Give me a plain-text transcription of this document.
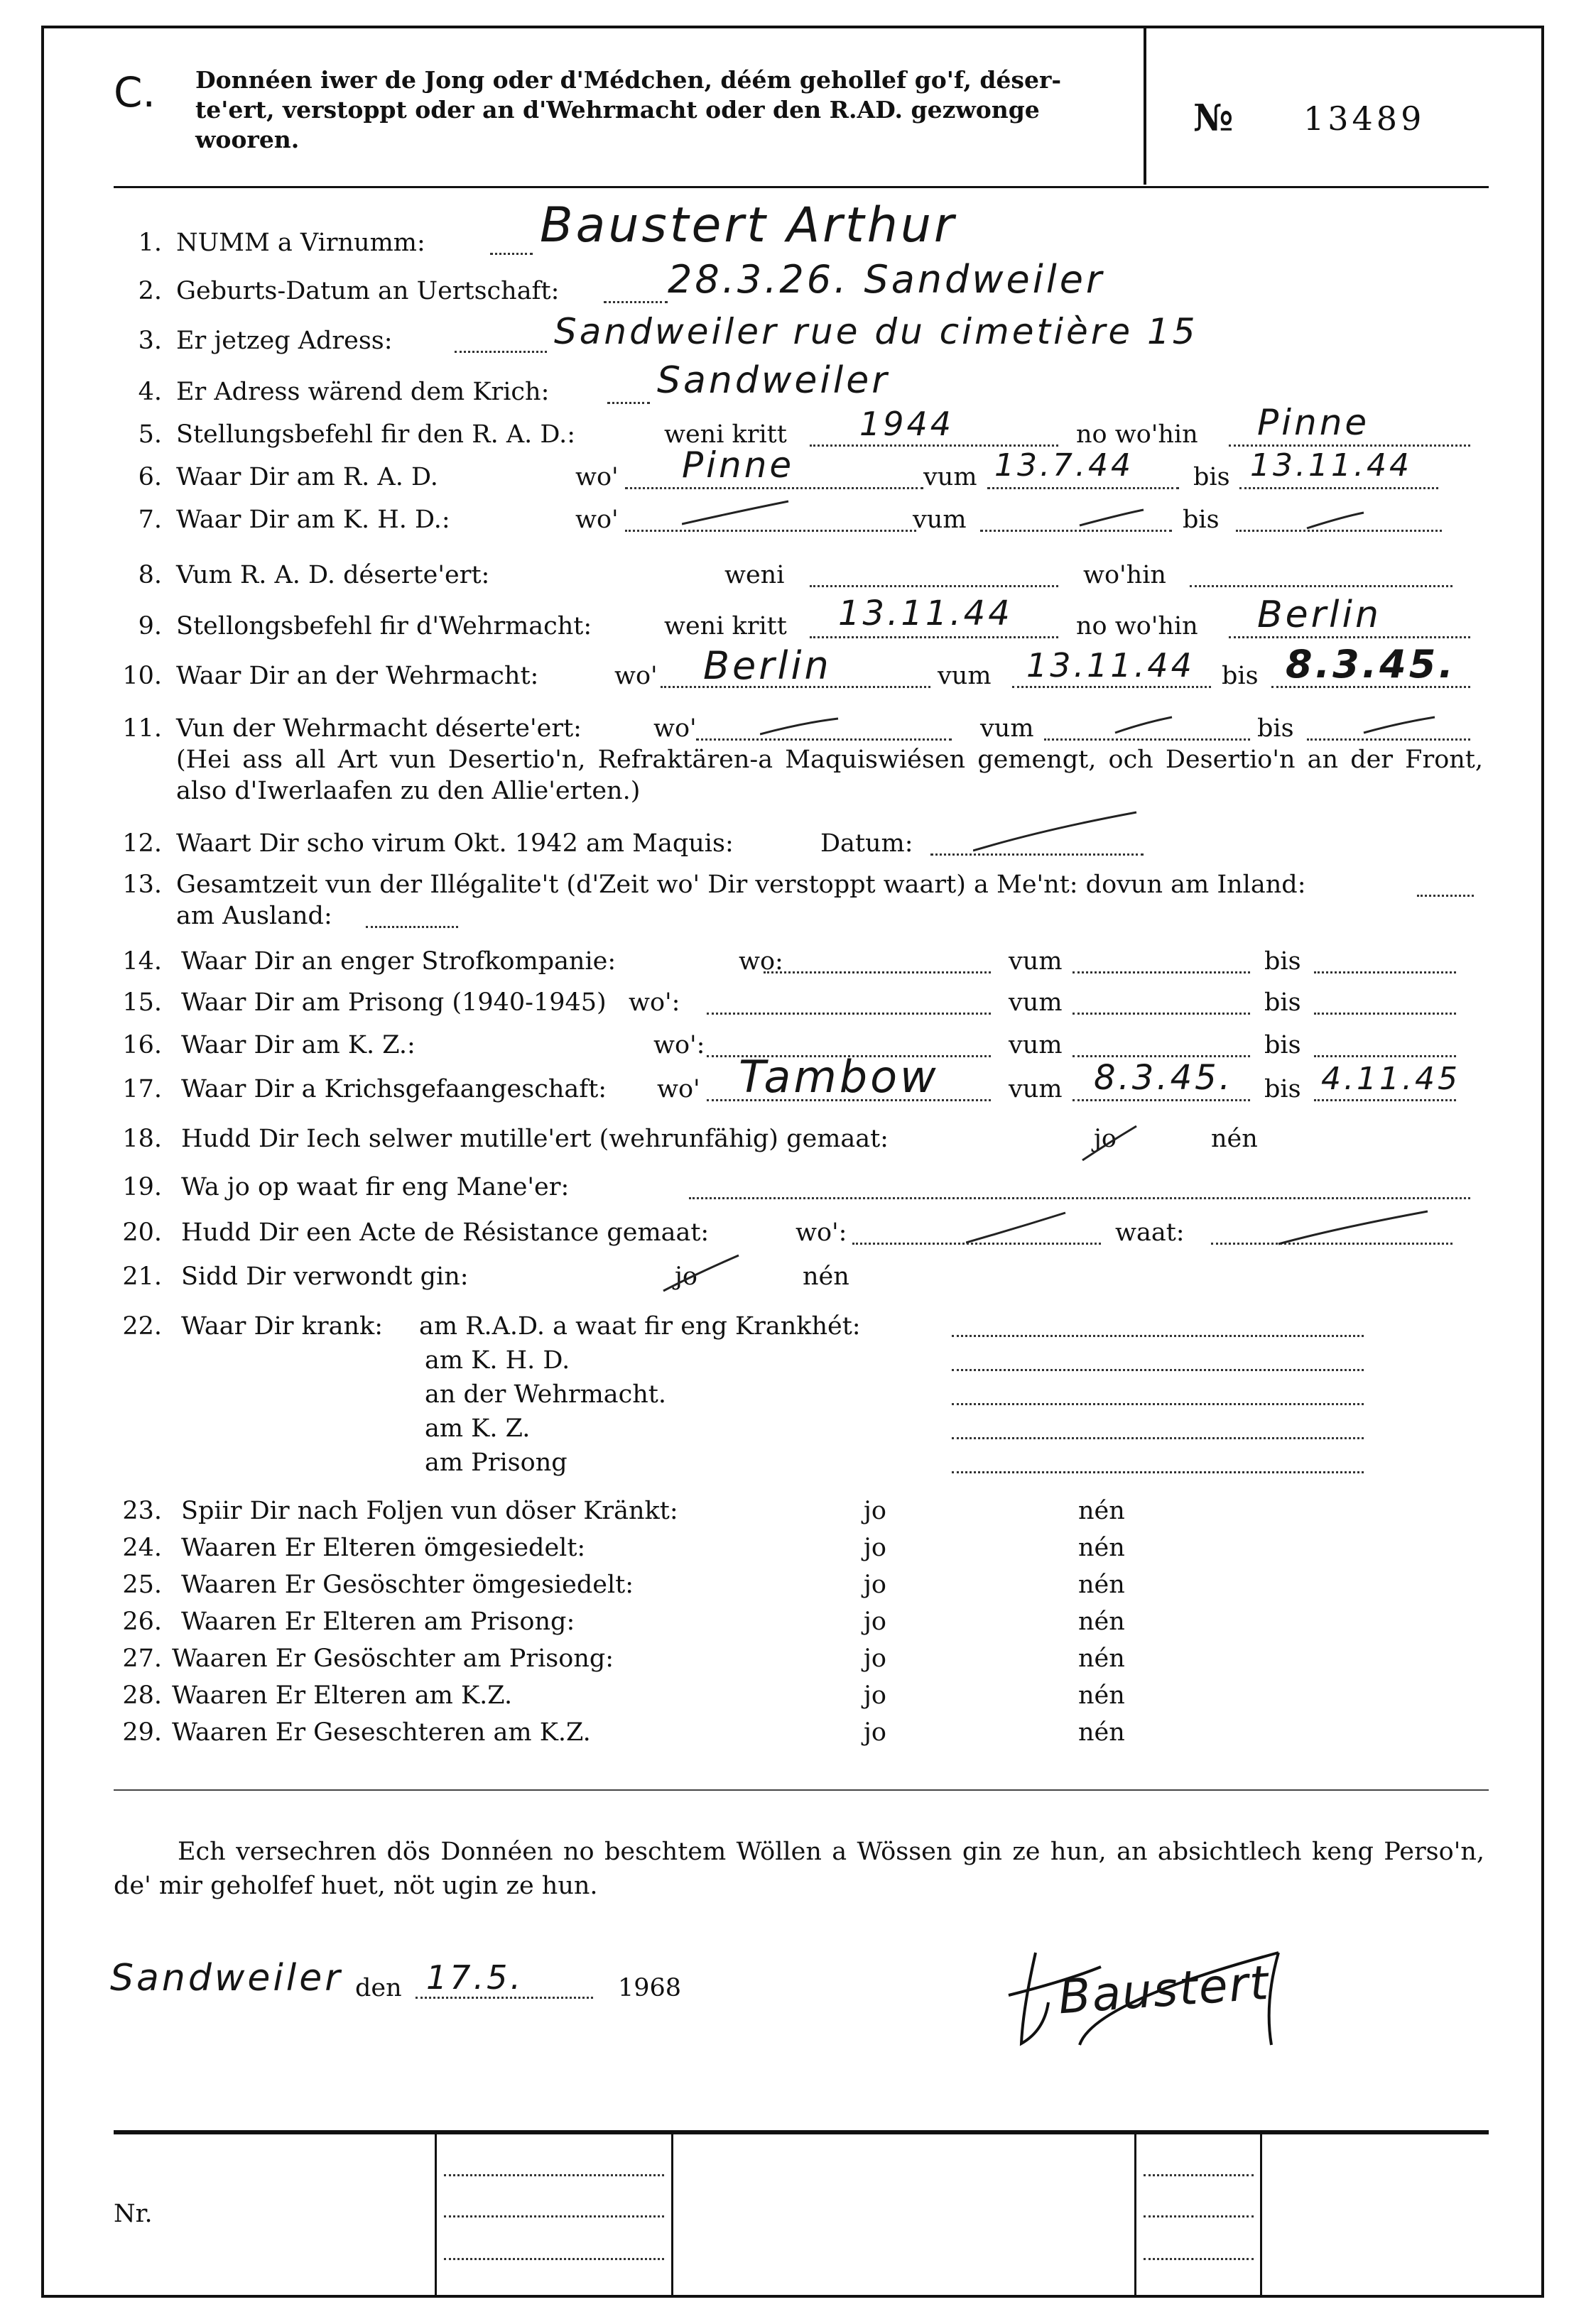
C. Donnéen iwer de Jong oder d'Médchen, déém gehollef go'f, déser-te'ert, verstoppt oder an d'Wehrmacht oder den R.AD. gezwonge wooren.	№ 13489
1. NUMM a Virnumm: Baustert Arthur
2. Geburts-Datum an Uertschaft:	28.3.26. Sandweiler
3. Er jetzeg Adress:	Sandweiler rue du cimetière 15
4. Er Adress wärend dem Krich:	Sandweiler
5. Stellungsbefehl fir den R. A. D.:	weni kritt 1944	no wo'hin Pinne
6. Waar Dir am R. A. D.	wo' Pinne	vum 13.7.44 bis 13.11.44
7. Waar Dir am K. H. D.:	wo'	vum	bis
8. Vum R. A. D. déserte'ert:	weni	wo'hin
9. Stellongsbefehl fir d'Wehrmacht:	weni kritt 13.11.44	no wo'hin Berlin
10. Waar Dir an der Wehrmacht:	wo' Berlin	vum 13.11.44 bis 8.3.45.
11. Vun der Wehrmacht déserte'ert:	wo'	vum	bis
(Hei ass all Art vun Desertio'n, Refraktären-a Maquiswiésen gemengt, och Desertio'n an der Front, also d'Iwerlaafen zu den Allie'erten.)
12. Waart Dir scho virum Okt. 1942 am Maquis:	Datum:
13. Gesamtzeit vun der Illégalite't (d'Zeit wo' Dir verstoppt waart) a Me'nt: dovun am Inland:
am Ausland:
14. Waar Dir an enger Strofkompanie:	wo:	vum	bis
15. Waar Dir am Prisong (1940-1945) wo':	vum	bis
16. Waar Dir am K. Z.:	wo':	vum	bis
17. Waar Dir a Krichsgefaangeschaft: wo' Tambow	vum 8.3.45. bis 4.11.45
18. Hudd Dir Iech selwer mutille'ert (wehrunfähig) gemaat:	jo	nén
19. Wa jo op waat fir eng Mane'er:
20. Hudd Dir een Acte de Résistance gemaat:	wo':	waat:
21. Sidd Dir verwondt gin:	jo	nén
22. Waar Dir krank: am R.A.D. a waat fir eng Krankhét:
am K. H. D.
an der Wehrmacht.
am K. Z.
am Prisong
23. Spiir Dir nach Foljen vun döser Kränkt:	jo	nén
24. Waaren Er Elteren ömgesiedelt:	jo	nén
25. Waaren Er Gesöschter ömgesiedelt:	jo	nén
26. Waaren Er Elteren am Prisong:	jo	nén
27. Waaren Er Gesöschter am Prisong:	jo	nén
28. Waaren Er Elteren am K.Z.	jo	nén
29. Waaren Er Geseschteren am K.Z.	jo	nén
Ech versechren dös Donnéen no beschtem Wöllen a Wössen gin ze hun, an absichtlech keng Perso'n, de' mir geholfef huet, nöt ugin ze hun.
Sandweiler den 17.5.	1968	Baustert
Nr.
